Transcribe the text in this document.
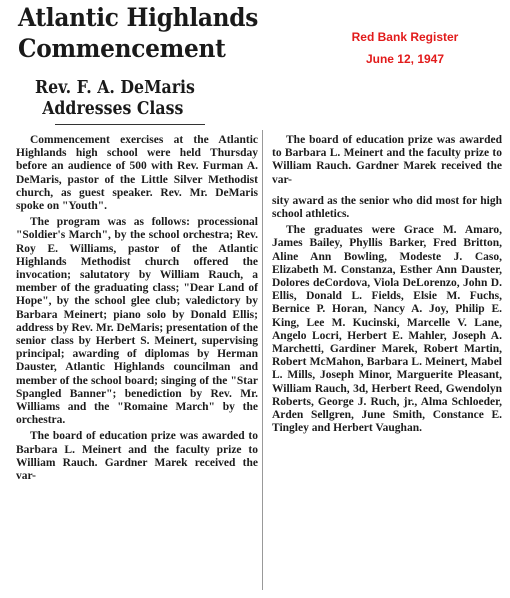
Atlantic Highlands
Commencement	Red Bank Register
June 12, 1947
Rev. F. A. DeMaris
Addresses Class

Commencement exercises at the Atlantic Highlands high school were held Thursday before an audience of 500 with Rev. Furman A. DeMaris, pastor of the Little Silver Methodist church, as guest speaker. Rev. Mr. DeMaris spoke on "Youth".

The program was as follows: processional "Soldier's March", by the school orchestra; Rev. Roy E. Williams, pastor of the Atlantic Highlands Methodist church offered the invocation; salutatory by William Rauch, a member of the graduating class; "Dear Land of Hope", by the school glee club; valedictory by Barbara Meinert; piano solo by Donald Ellis; address by Rev. Mr. DeMaris; presentation of the senior class by Herbert S. Meinert, supervising principal; awarding of diplomas by Herman Dauster, Atlantic Highlands councilman and member of the school board; singing of the "Star Spangled Banner"; benediction by Rev. Mr. Williams and the "Romaine March" by the orchestra.

The board of education prize was awarded to Barbara L. Meinert and the faculty prize to William Rauch. Gardner Marek received the var-

The board of education prize was awarded to Barbara L. Meinert and the faculty prize to William Rauch. Gardner Marek received the var-

sity award as the senior who did most for high school athletics.

The graduates were Grace M. Amaro, James Bailey, Phyllis Barker, Fred Britton, Aline Ann Bowling, Modeste J. Caso, Elizabeth M. Constanza, Esther Ann Dauster, Dolores deCordova, Viola DeLorenzo, John D. Ellis, Donald L. Fields, Elsie M. Fuchs, Bernice P. Horan, Nancy A. Joy, Philip E. King, Lee M. Kucinski, Marcelle V. Lane, Angelo Locri, Herbert E. Mahler, Joseph A. Marchetti, Gardiner Marek, Robert Martin, Robert McMahon, Barbara L. Meinert, Mabel L. Mills, Joseph Minor, Marguerite Pleasant, William Rauch, 3d, Herbert Reed, Gwendolyn Roberts, George J. Ruch, jr., Alma Schloeder, Arden Sellgren, June Smith, Constance E. Tingley and Herbert Vaughan.
